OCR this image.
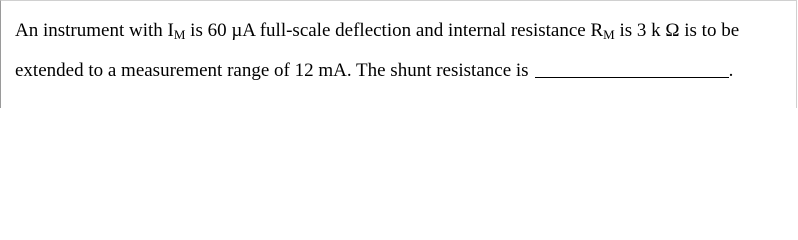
An instrument with $I_M$ is 60 µA full-scale deflection and internal resistance $R_M$ is 3 k Ω is to be
extended to a measurement range of 12 mA. The shunt resistance is	.
